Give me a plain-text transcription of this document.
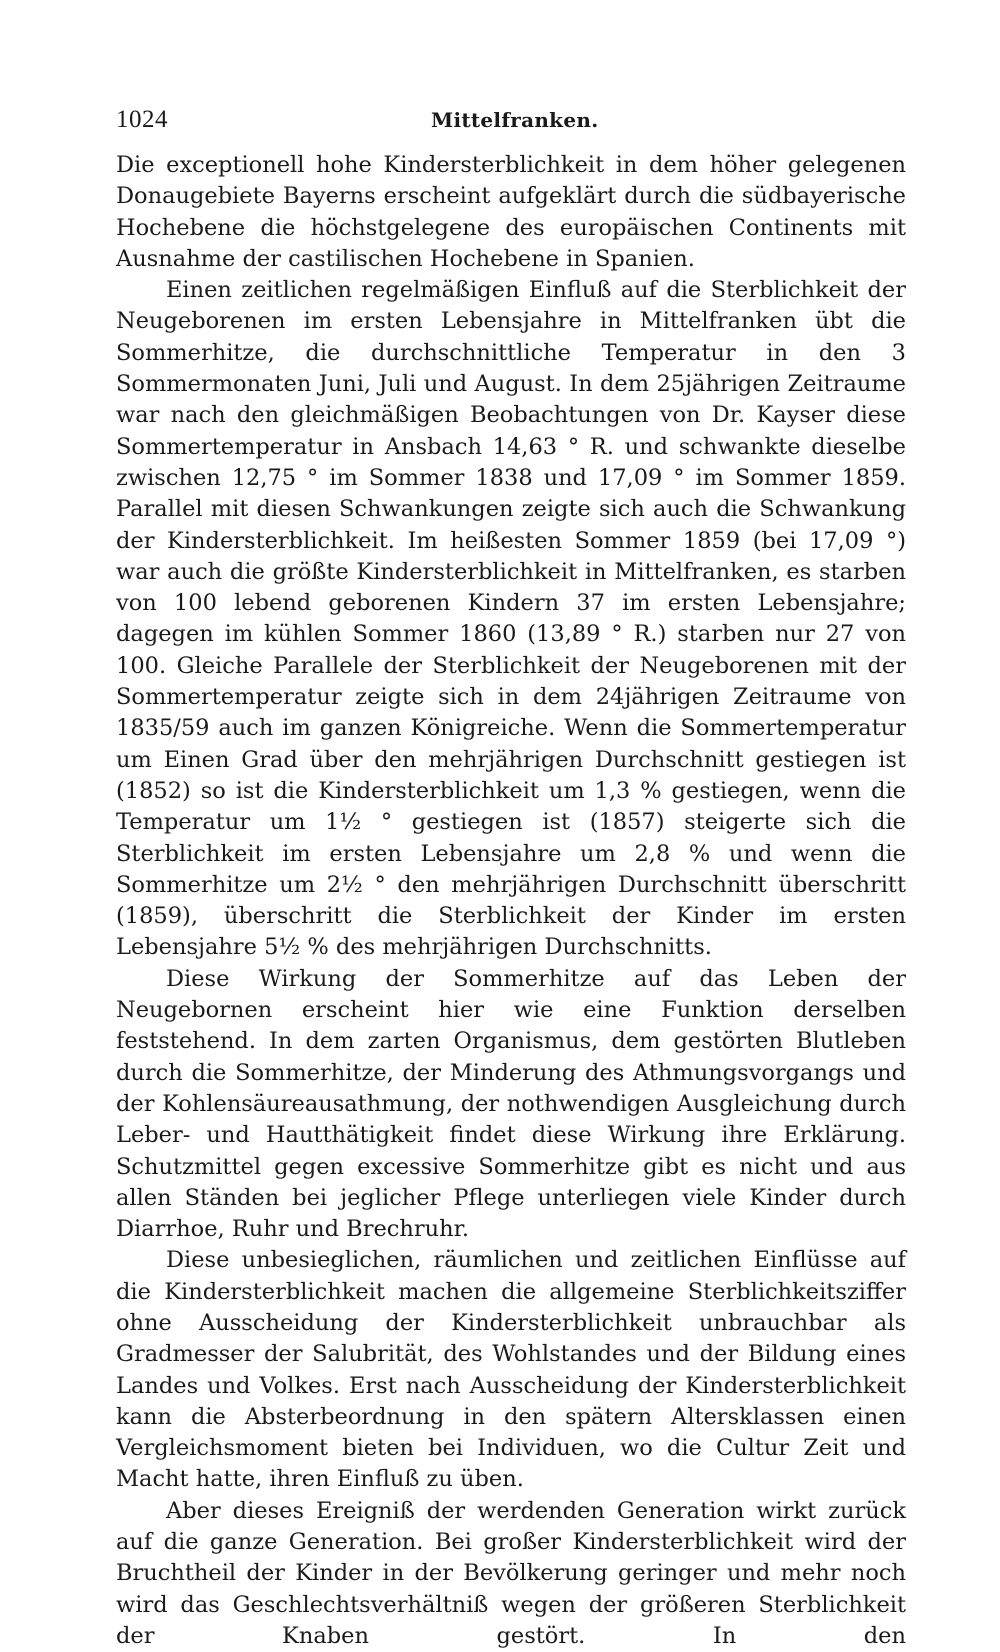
1024	Mittelfranken.

Die exceptionell hohe Kindersterblichkeit in dem höher gelegenen Donaugebiete Bayerns erscheint aufgeklärt durch die südbayerische Hochebene die höchstgelegene des europäischen Continents mit Ausnahme der castilischen Hochebene in Spanien.

Einen zeitlichen regelmäßigen Einfluß auf die Sterblichkeit der Neugeborenen im ersten Lebensjahre in Mittelfranken übt die Sommerhitze, die durchschnittliche Temperatur in den 3 Sommermonaten Juni, Juli und August. In dem 25jährigen Zeitraume war nach den gleichmäßigen Beobachtungen von Dr. Kayser diese Sommertemperatur in Ansbach 14,63 ° R. und schwankte dieselbe zwischen 12,75 ° im Sommer 1838 und 17,09 ° im Sommer 1859. Parallel mit diesen Schwankungen zeigte sich auch die Schwankung der Kindersterblichkeit. Im heißesten Sommer 1859 (bei 17,09 °) war auch die größte Kindersterblichkeit in Mittelfranken, es starben von 100 lebend geborenen Kindern 37 im ersten Lebensjahre; dagegen im kühlen Sommer 1860 (13,89 ° R.) starben nur 27 von 100. Gleiche Parallele der Sterblichkeit der Neugeborenen mit der Sommertemperatur zeigte sich in dem 24jährigen Zeitraume von 1835/59 auch im ganzen Königreiche. Wenn die Sommertemperatur um Einen Grad über den mehrjährigen Durchschnitt gestiegen ist (1852) so ist die Kindersterblichkeit um 1,3 % gestiegen, wenn die Temperatur um 1½ ° gestiegen ist (1857) steigerte sich die Sterblichkeit im ersten Lebensjahre um 2,8 % und wenn die Sommerhitze um 2½ ° den mehrjährigen Durchschnitt überschritt (1859), überschritt die Sterblichkeit der Kinder im ersten Lebensjahre 5½ % des mehrjährigen Durchschnitts.

Diese Wirkung der Sommerhitze auf das Leben der Neugebornen erscheint hier wie eine Funktion derselben feststehend. In dem zarten Organismus, dem gestörten Blutleben durch die Sommerhitze, der Minderung des Athmungsvorgangs und der Kohlensäureausathmung, der nothwendigen Ausgleichung durch Leber- und Hautthätigkeit findet diese Wirkung ihre Erklärung. Schutzmittel gegen excessive Sommerhitze gibt es nicht und aus allen Ständen bei jeglicher Pflege unterliegen viele Kinder durch Diarrhoe, Ruhr und Brechruhr.

Diese unbesieglichen, räumlichen und zeitlichen Einflüsse auf die Kindersterblichkeit machen die allgemeine Sterblichkeitsziffer ohne Ausscheidung der Kindersterblichkeit unbrauchbar als Gradmesser der Salubrität, des Wohlstandes und der Bildung eines Landes und Volkes. Erst nach Ausscheidung der Kindersterblichkeit kann die Absterbeordnung in den spätern Altersklassen einen Vergleichsmoment bieten bei Individuen, wo die Cultur Zeit und Macht hatte, ihren Einfluß zu üben.

Aber dieses Ereigniß der werdenden Generation wirkt zurück auf die ganze Generation. Bei großer Kindersterblichkeit wird der Bruchtheil der Kinder in der Bevölkerung geringer und mehr noch wird das Geschlechtsverhältniß wegen der größeren Sterblichkeit der Knaben gestört. In den
